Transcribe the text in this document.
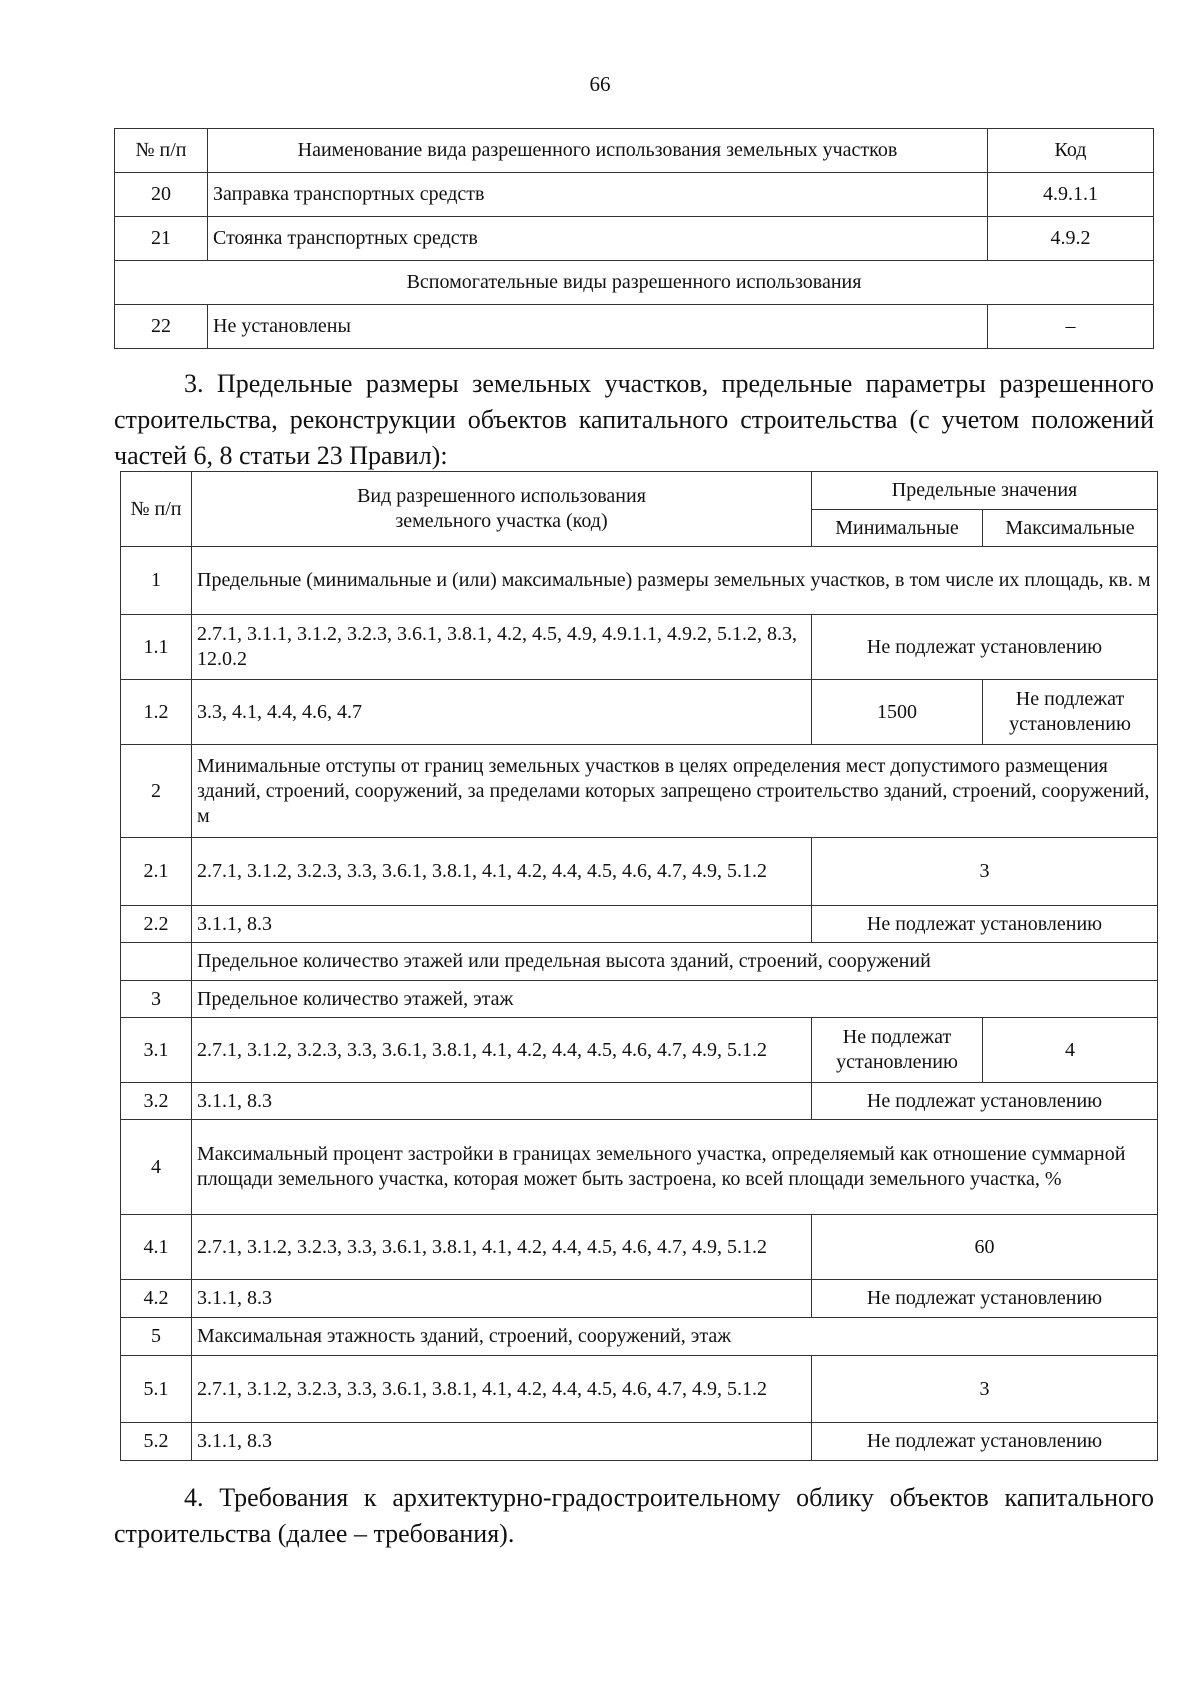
66
№ п/п	Наименование вида разрешенного использования земельных участков	Код
20	Заправка транспортных средств	4.9.1.1
21	Стоянка транспортных средств	4.9.2
Вспомогательные виды разрешенного использования		
22	Не установлены	–
3. Предельные размеры земельных участков, предельные параметры разрешенного строительства, реконструкции объектов капитального строительства (с учетом положений частей 6, 8 статьи 23 Правил):
№ п/п	Вид разрешенного использования земельного участка (код)	Предельные значения	
		Минимальные	Максимальные
1	Предельные (минимальные и (или) максимальные) размеры земельных участков, в том числе их площадь, кв. м		
1.1	2.7.1, 3.1.1, 3.1.2, 3.2.3, 3.6.1, 3.8.1, 4.2, 4.5, 4.9, 4.9.1.1, 4.9.2, 5.1.2, 8.3, 12.0.2	Не подлежат установлению	
1.2	3.3, 4.1, 4.4, 4.6, 4.7	1500	Не подлежат установлению
2	Минимальные отступы от границ земельных участков в целях определения мест допустимого размещения зданий, строений, сооружений, за пределами которых запрещено строительство зданий, строений, сооружений, м		
2.1	2.7.1, 3.1.2, 3.2.3, 3.3, 3.6.1, 3.8.1, 4.1, 4.2, 4.4, 4.5, 4.6, 4.7, 4.9, 5.1.2	3	
2.2	3.1.1, 8.3	Не подлежат установлению	
	Предельное количество этажей или предельная высота зданий, строений, сооружений		
3	Предельное количество этажей, этаж		
3.1	2.7.1, 3.1.2, 3.2.3, 3.3, 3.6.1, 3.8.1, 4.1, 4.2, 4.4, 4.5, 4.6, 4.7, 4.9, 5.1.2	Не подлежат установлению	4
3.2	3.1.1, 8.3	Не подлежат установлению	
4	Максимальный процент застройки в границах земельного участка, определяемый как отношение суммарной площади земельного участка, которая может быть застроена, ко всей площади земельного участка, %		
4.1	2.7.1, 3.1.2, 3.2.3, 3.3, 3.6.1, 3.8.1, 4.1, 4.2, 4.4, 4.5, 4.6, 4.7, 4.9, 5.1.2	60	
4.2	3.1.1, 8.3	Не подлежат установлению	
5	Максимальная этажность зданий, строений, сооружений, этаж		
5.1	2.7.1, 3.1.2, 3.2.3, 3.3, 3.6.1, 3.8.1, 4.1, 4.2, 4.4, 4.5, 4.6, 4.7, 4.9, 5.1.2	3	
5.2	3.1.1, 8.3	Не подлежат установлению	
4. Требования к архитектурно-градостроительному облику объектов капитального строительства (далее – требования).
